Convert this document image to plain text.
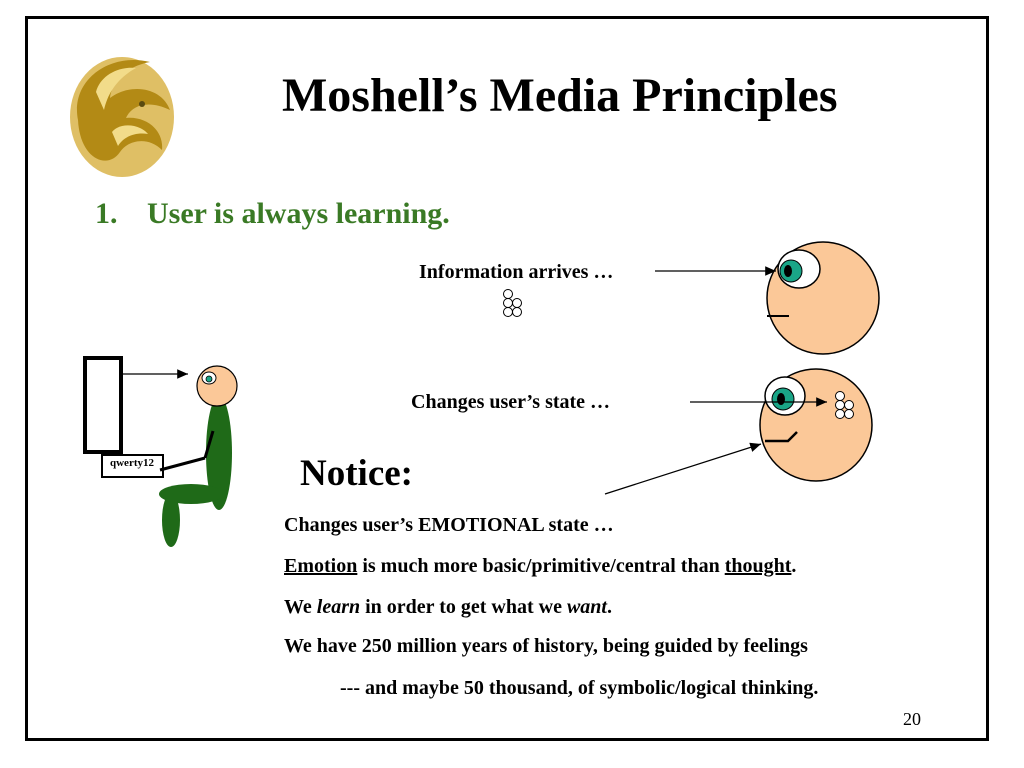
Moshell’s Media Principles
1. User is always learning.
Information arrives …
Changes user’s state …
qwerty12	Notice:
Changes user’s EMOTIONAL state …
Emotion is much more basic/primitive/central than thought.
We learn in order to get what we want.
We have 250 million years of history, being guided by feelings
--- and maybe 50 thousand, of symbolic/logical thinking.
20
